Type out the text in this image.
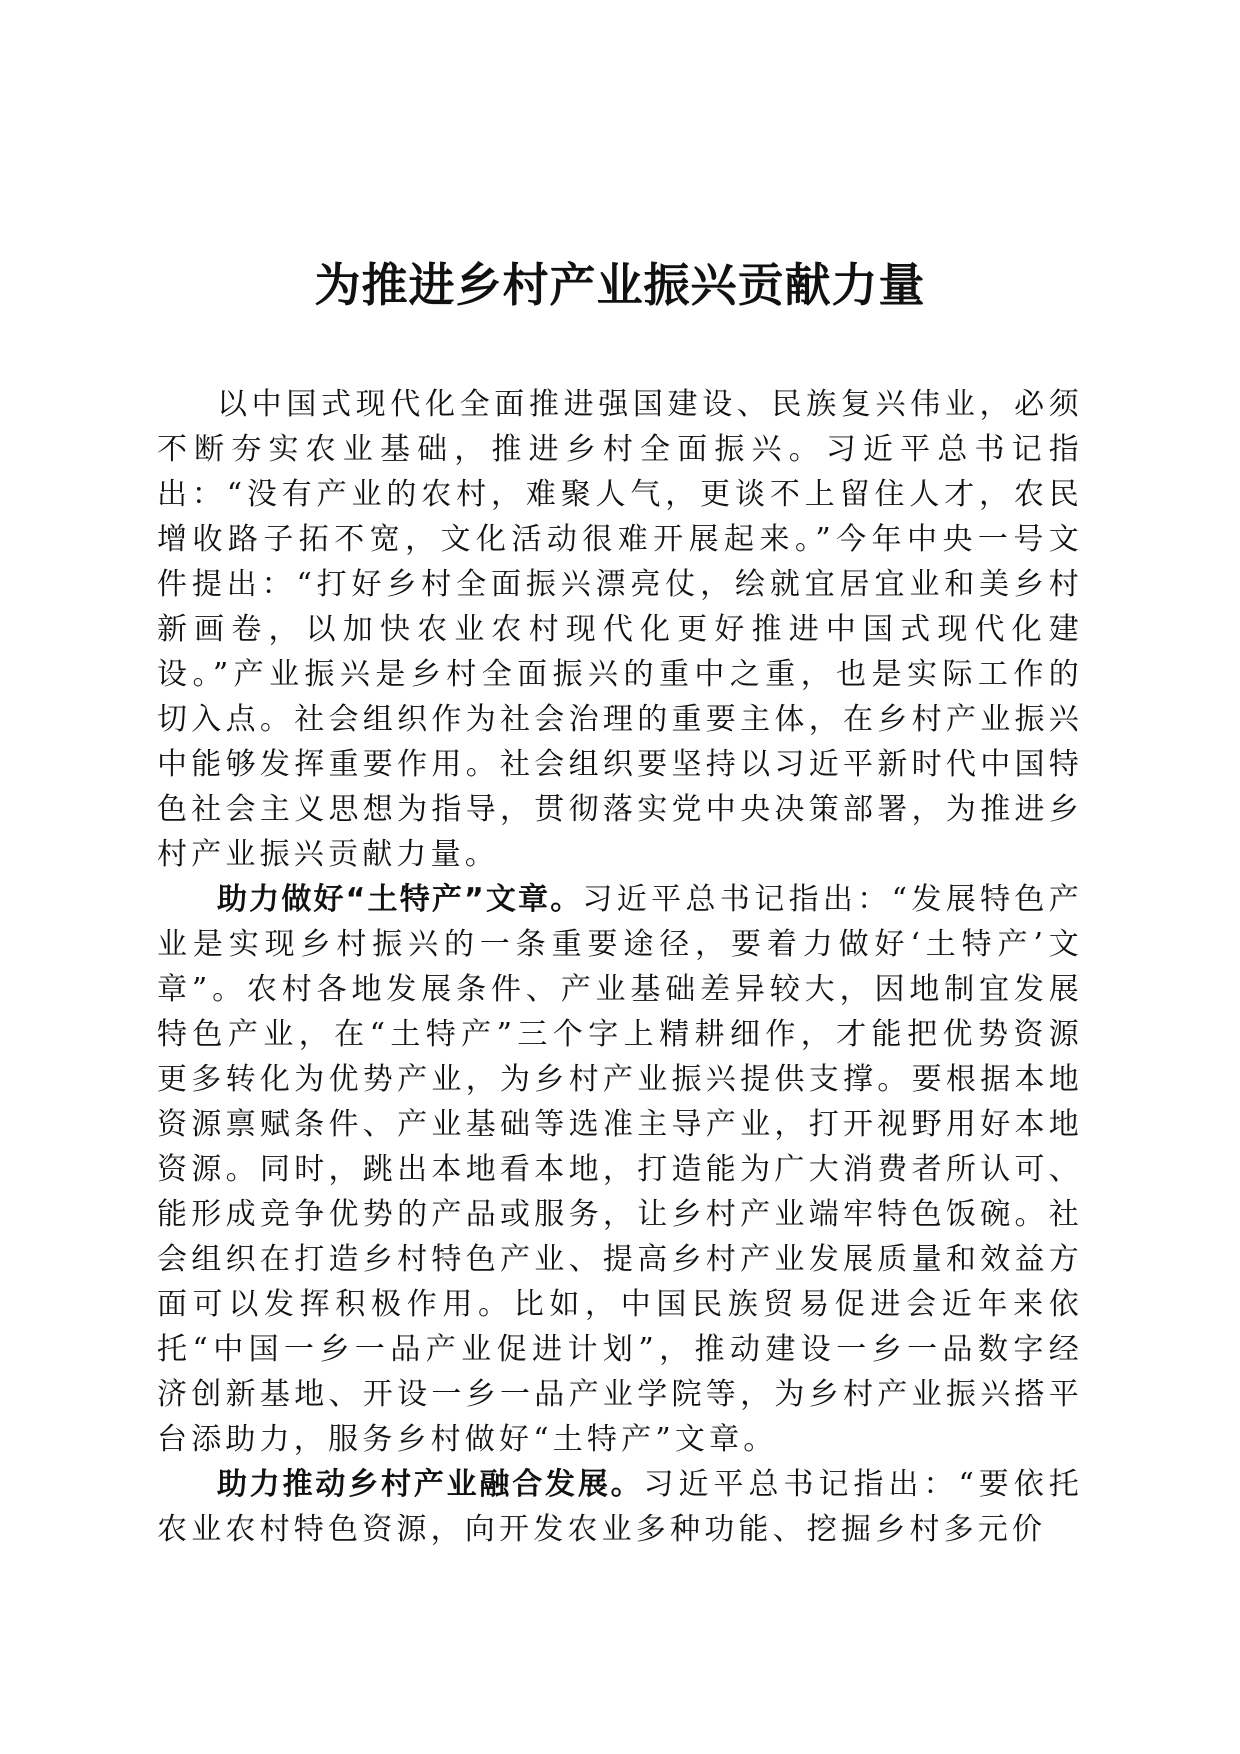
为推进乡村产业振兴贡献力量

以中国式现代化全面推进强国建设、民族复兴伟业，必须不断夯实农业基础，推进乡村全面振兴。习近平总书记指出：“没有产业的农村，难聚人气，更谈不上留住人才，农民增收路子拓不宽，文化活动很难开展起来。”今年中央一号文件提出：“打好乡村全面振兴漂亮仗，绘就宜居宜业和美乡村新画卷，以加快农业农村现代化更好推进中国式现代化建设。”产业振兴是乡村全面振兴的重中之重，也是实际工作的切入点。社会组织作为社会治理的重要主体，在乡村产业振兴中能够发挥重要作用。社会组织要坚持以习近平新时代中国特色社会主义思想为指导，贯彻落实党中央决策部署，为推进乡村产业振兴贡献力量。

助力做好“土特产”文章。习近平总书记指出：“发展特色产业是实现乡村振兴的一条重要途径，要着力做好‘土特产’文章”。农村各地发展条件、产业基础差异较大，因地制宜发展特色产业，在“土特产”三个字上精耕细作，才能把优势资源更多转化为优势产业，为乡村产业振兴提供支撑。要根据本地资源禀赋条件、产业基础等选准主导产业，打开视野用好本地资源。同时，跳出本地看本地，打造能为广大消费者所认可、能形成竞争优势的产品或服务，让乡村产业端牢特色饭碗。社会组织在打造乡村特色产业、提高乡村产业发展质量和效益方面可以发挥积极作用。比如，中国民族贸易促进会近年来依托“中国一乡一品产业促进计划”，推动建设一乡一品数字经济创新基地、开设一乡一品产业学院等，为乡村产业振兴搭平台添助力，服务乡村做好“土特产”文章。

助力推动乡村产业融合发展。习近平总书记指出：“要依托农业农村特色资源，向开发农业多种功能、挖掘乡村多元价
